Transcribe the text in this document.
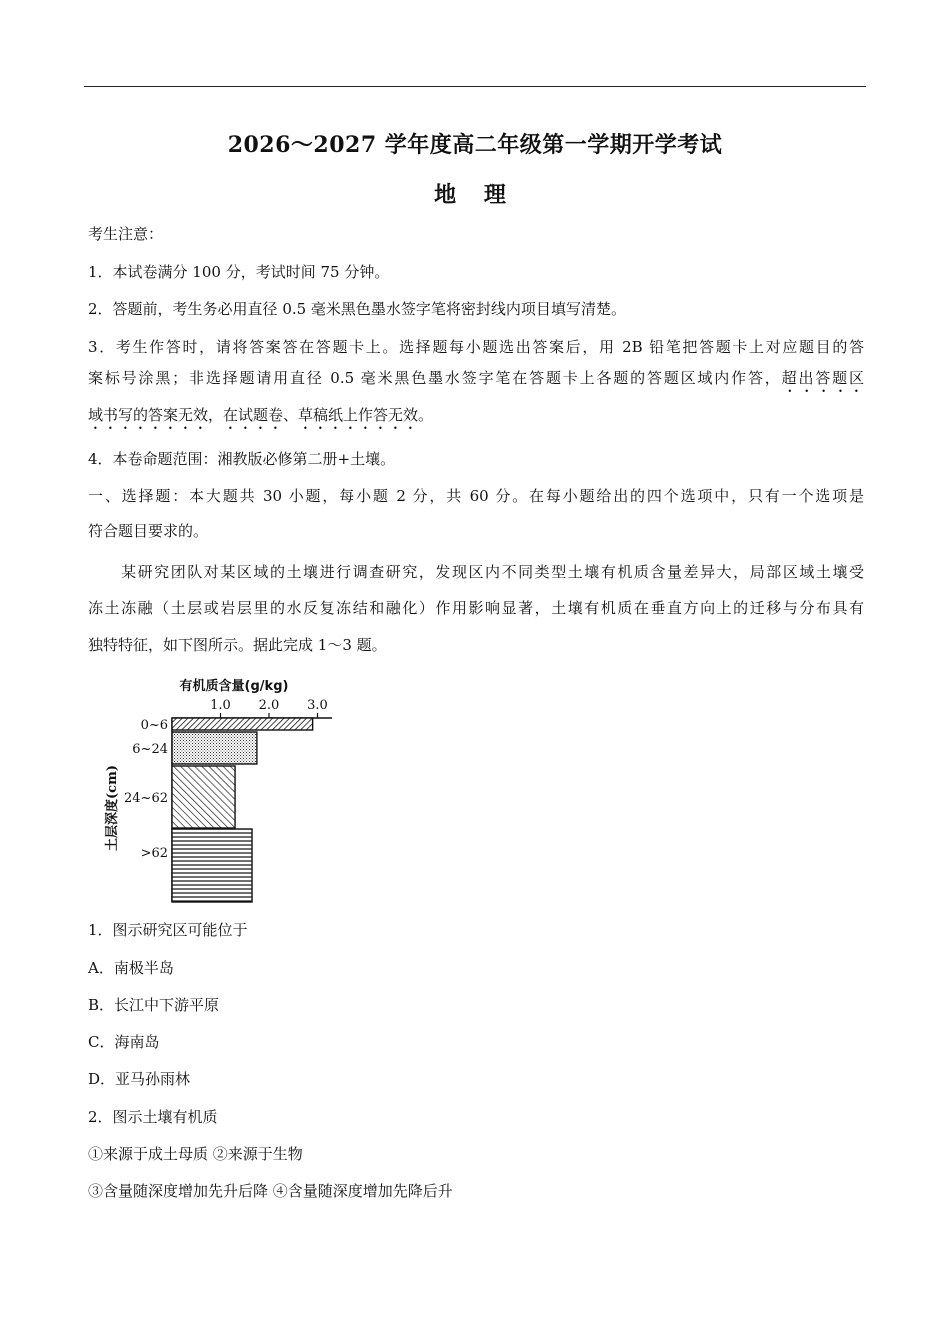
2026～2027 学年度高二年级第一学期开学考试
地 理
考生注意：
1．本试卷满分 100 分，考试时间 75 分钟。
2．答题前，考生务必用直径 0.5 毫米黑色墨水签字笔将密封线内项目填写清楚。
3．考生作答时，请将答案答在答题卡上。选择题每小题选出答案后，用 2B 铅笔把答题卡上对应题目的答
案标号涂黑；非选择题请用直径 0.5 毫米黑色墨水签字笔在答题卡上各题的答题区域内作答，超出答题区
域书写的答案无效，在试题卷、草稿纸上作答无效。
4．本卷命题范围：湘教版必修第二册+土壤。
一、选择题：本大题共 30 小题，每小题 2 分，共 60 分。在每小题给出的四个选项中，只有一个选项是
符合题目要求的。
　　某研究团队对某区域的土壤进行调查研究，发现区内不同类型土壤有机质含量差异大，局部区域土壤受
冻土冻融（土层或岩层里的水反复冻结和融化）作用影响显著，土壤有机质在垂直方向上的迁移与分布具有
独特特征，如下图所示。据此完成 1～3 题。
有机质含量(g/kg)
1.0 2.0 3.0
0~6
6~24
24~62
>62
土层深度(cm)
1．图示研究区可能位于
A．南极半岛
B．长江中下游平原
C．海南岛
D．亚马孙雨林
2．图示土壤有机质
①来源于成土母质 ②来源于生物
③含量随深度增加先升后降 ④含量随深度增加先降后升
